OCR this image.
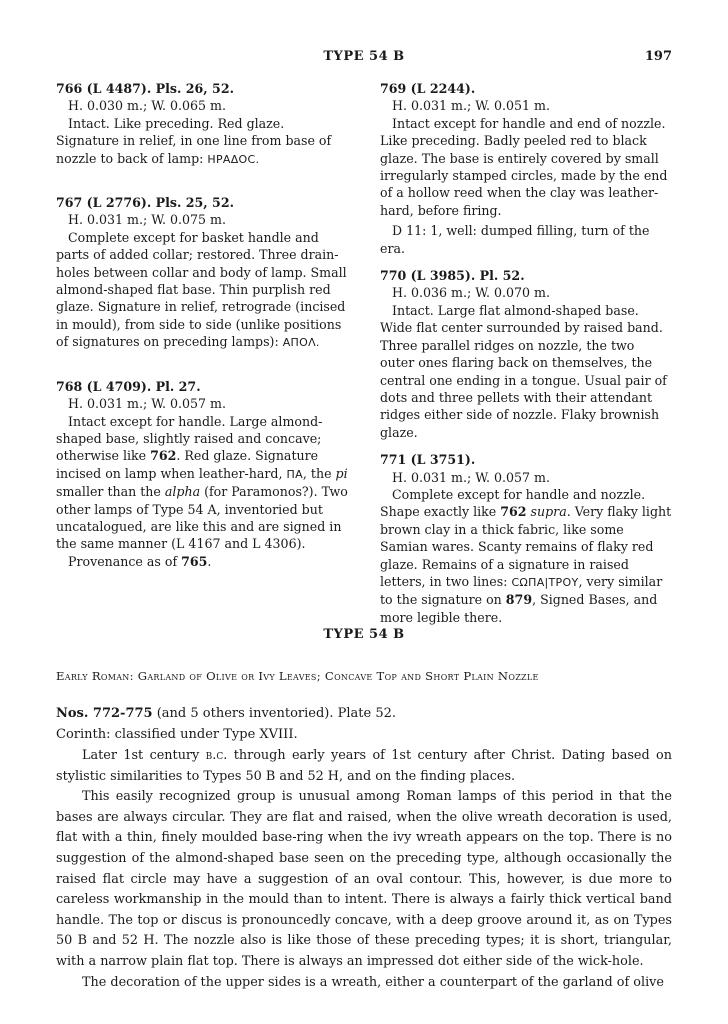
TYPE 54 B	197

766 (L 4487). Pls. 26, 52.

H. 0.030 m.; W. 0.065 m.

Intact. Like preceding. Red glaze. Signature in relief, in one line from base of nozzle to back of lamp: ΗΡΑΔΟϹ.

767 (L 2776). Pls. 25, 52.

H. 0.031 m.; W. 0.075 m.

Complete except for basket handle and parts of added collar; restored. Three drain-holes between collar and body of lamp. Small almond-shaped flat base. Thin purplish red glaze. Signature in relief, retrograde (incised in mould), from side to side (unlike positions of signatures on preceding lamps): ΑΠΟΛ.

768 (L 4709). Pl. 27.

H. 0.031 m.; W. 0.057 m.

Intact except for handle. Large almond-shaped base, slightly raised and concave; otherwise like 762. Red glaze. Signature incised on lamp when leather-hard, ΠΑ, the pi smaller than the alpha (for Paramonos?). Two other lamps of Type 54 A, inventoried but uncatalogued, are like this and are signed in the same manner (L 4167 and L 4306).

Provenance as of 765.

769 (L 2244).

H. 0.031 m.; W. 0.051 m.

Intact except for handle and end of nozzle. Like preceding. Badly peeled red to black glaze. The base is entirely covered by small irregularly stamped circles, made by the end of a hollow reed when the clay was leather-hard, before firing.

D 11: 1, well: dumped filling, turn of the era.

770 (L 3985). Pl. 52.

H. 0.036 m.; W. 0.070 m.

Intact. Large flat almond-shaped base. Wide flat center surrounded by raised band. Three parallel ridges on nozzle, the two outer ones flaring back on themselves, the central one ending in a tongue. Usual pair of dots and three pellets with their attendant ridges either side of nozzle. Flaky brownish glaze.

771 (L 3751).

H. 0.031 m.; W. 0.057 m.

Complete except for handle and nozzle. Shape exactly like 762 supra. Very flaky light brown clay in a thick fabric, like some Samian wares. Scanty remains of flaky red glaze. Remains of a signature in raised letters, in two lines: ϹΩΠΑ|ΤΡΟΥ, very similar to the signature on 879, Signed Bases, and more legible there.

TYPE 54 B
Early Roman: Garland of Olive or Ivy Leaves; Concave Top and Short Plain Nozzle
Nos. 772-775 (and 5 others inventoried). Plate 52.
Corinth: classified under Type XVIII.

Later 1st century b.c. through early years of 1st century after Christ. Dating based on stylistic similarities to Types 50 B and 52 H, and on the finding places.

This easily recognized group is unusual among Roman lamps of this period in that the bases are always circular. They are flat and raised, when the olive wreath decoration is used, flat with a thin, finely moulded base-ring when the ivy wreath appears on the top. There is no suggestion of the almond-shaped base seen on the preceding type, although occasionally the raised flat circle may have a suggestion of an oval contour. This, however, is due more to careless workmanship in the mould than to intent. There is always a fairly thick vertical band handle. The top or discus is pronouncedly concave, with a deep groove around it, as on Types 50 B and 52 H. The nozzle also is like those of these preceding types; it is short, triangular, with a narrow plain flat top. There is always an impressed dot either side of the wick-hole.

The decoration of the upper sides is a wreath, either a counterpart of the garland of olive
